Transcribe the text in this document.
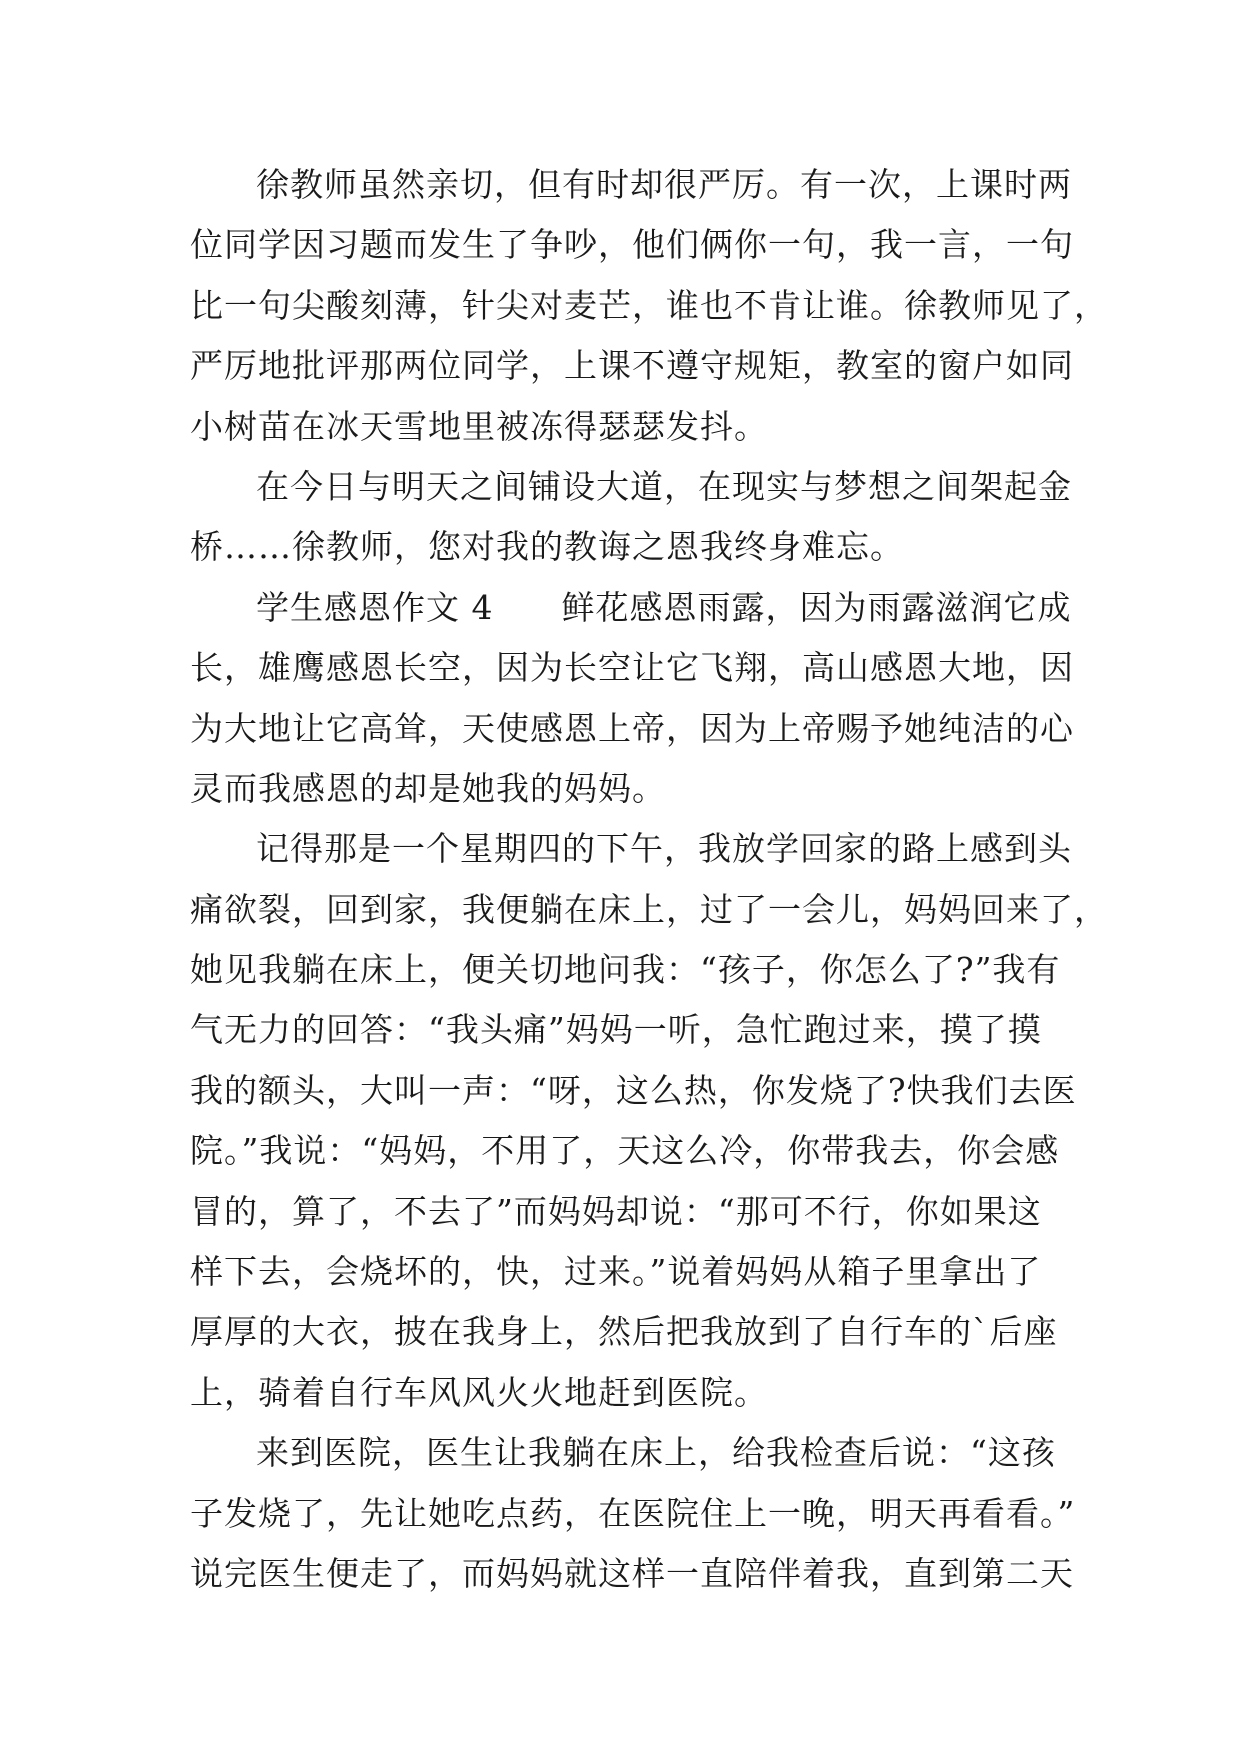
徐教师虽然亲切，但有时却很严厉。有一次，上课时两
位同学因习题而发生了争吵，他们俩你一句，我一言，一句
比一句尖酸刻薄，针尖对麦芒，谁也不肯让谁。徐教师见了，
严厉地批评那两位同学，上课不遵守规矩，教室的窗户如同
小树苗在冰天雪地里被冻得瑟瑟发抖。
在今日与明天之间铺设大道，在现实与梦想之间架起金
桥……徐教师，您对我的教诲之恩我终身难忘。
学生感恩作文 4　　鲜花感恩雨露，因为雨露滋润它成
长，雄鹰感恩长空，因为长空让它飞翔，高山感恩大地，因
为大地让它高耸，天使感恩上帝，因为上帝赐予她纯洁的心
灵而我感恩的却是她我的妈妈。
记得那是一个星期四的下午，我放学回家的路上感到头
痛欲裂，回到家，我便躺在床上，过了一会儿，妈妈回来了，
她见我躺在床上，便关切地问我：“孩子，你怎么了?”我有
气无力的回答：“我头痛”妈妈一听，急忙跑过来，摸了摸
我的额头，大叫一声：“呀，这么热，你发烧了?快我们去医
院。”我说：“妈妈，不用了，天这么冷，你带我去，你会感
冒的，算了，不去了”而妈妈却说：“那可不行，你如果这
样下去，会烧坏的，快，过来。”说着妈妈从箱子里拿出了
厚厚的大衣，披在我身上，然后把我放到了自行车的`后座
上，骑着自行车风风火火地赶到医院。
来到医院，医生让我躺在床上，给我检查后说：“这孩
子发烧了，先让她吃点药，在医院住上一晚，明天再看看。”
说完医生便走了，而妈妈就这样一直陪伴着我，直到第二天
